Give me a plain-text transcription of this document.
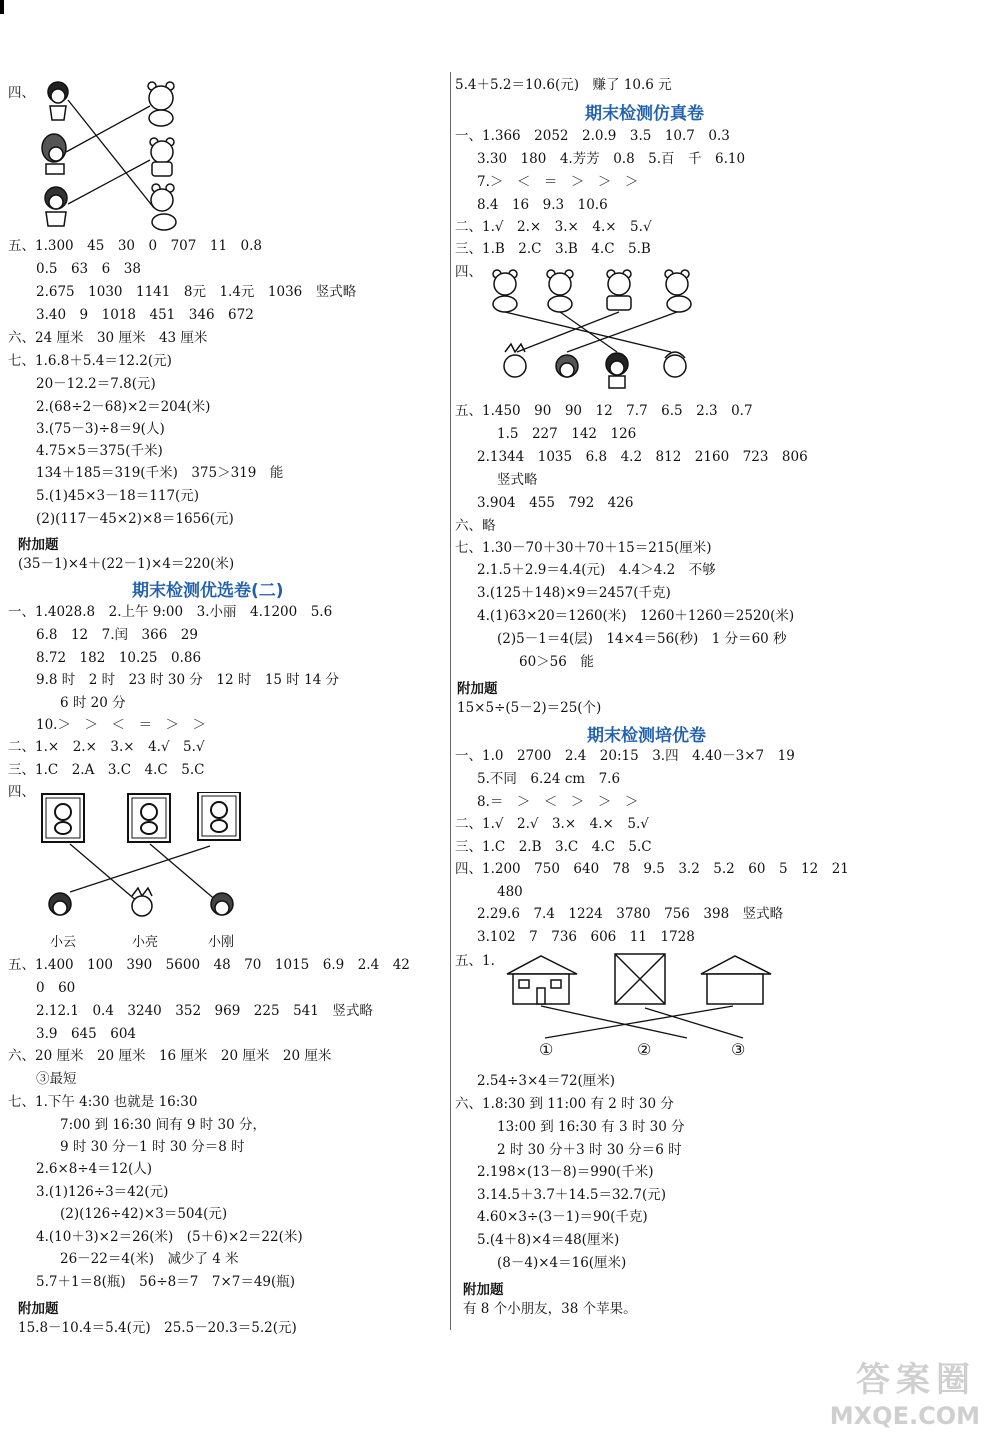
四、
五、1.300　45　30　0　707　11　0.8
0.5　63　6　38
2.675　1030　1141　8元　1.4元　1036　竖式略
3.40　9　1018　451　346　672
六、24 厘米　30 厘米　43 厘米
七、1.6.8＋5.4＝12.2(元)
20－12.2＝7.8(元)
2.(68÷2－68)×2＝204(米)
3.(75－3)÷8＝9(人)
4.75×5＝375(千米)
134＋185＝319(千米)　375＞319　能
5.(1)45×3－18＝117(元)
(2)(117－45×2)×8＝1656(元)
附加题
(35－1)×4＋(22－1)×4＝220(米)
期末检测优选卷(二)
一、1.4028.8　2.上午 9:00　3.小丽　4.1200　5.6
6.8　12　7.闰　366　29
8.72　182　10.25　0.86
9.8 时　2 时　23 时 30 分　12 时　15 时 14 分
6 时 20 分
10.＞　＞　＜　＝　＞　＞
二、1.×　2.×　3.×　4.√　5.√
三、1.C　2.A　3.C　4.C　5.C
四、
小云	小亮	小刚
五、1.400　100　390　5600　48　70　1015　6.9　2.4　42
0　60
2.12.1　0.4　3240　352　969　225　541　竖式略
3.9　645　604
六、20 厘米　20 厘米　16 厘米　20 厘米　20 厘米
③最短
七、1.下午 4:30 也就是 16:30
7:00 到 16:30 间有 9 时 30 分，
9 时 30 分－1 时 30 分＝8 时
2.6×8÷4＝12(人)
3.(1)126÷3＝42(元)
(2)(126÷42)×3＝504(元)
4.(10＋3)×2＝26(米)　(5＋6)×2＝22(米)
26－22＝4(米)　减少了 4 米
5.7＋1＝8(瓶)　56÷8＝7　7×7＝49(瓶)
附加题
15.8－10.4＝5.4(元)　25.5－20.3＝5.2(元)
5.4＋5.2＝10.6(元)　赚了 10.6 元
期末检测仿真卷
一、1.366　2052　2.0.9　3.5　10.7　0.3
3.30　180　4.芳芳　0.8　5.百　千　6.10
7.＞　＜　＝　＞　＞　＞
8.4　16　9.3　10.6
二、1.√　2.×　3.×　4.×　5.√
三、1.B　2.C　3.B　4.C　5.B
四、
五、1.450　90　90　12　7.7　6.5　2.3　0.7
1.5　227　142　126
2.1344　1035　6.8　4.2　812　2160　723　806
竖式略
3.904　455　792　426
六、略
七、1.30－70＋30＋70＋15＝215(厘米)
2.1.5＋2.9＝4.4(元)　4.4＞4.2　不够
3.(125＋148)×9＝2457(千克)
4.(1)63×20＝1260(米)　1260＋1260＝2520(米)
(2)5－1＝4(层)　14×4＝56(秒)　1 分＝60 秒
60＞56　能
附加题
15×5÷(5－2)＝25(个)
期末检测培优卷
一、1.0　2700　2.4　20:15　3.四　4.40－3×7　19
5.不同　6.24 cm　7.6
8.＝　＞　＜　＞　＞　＞
二、1.√　2.√　3.×　4.×　5.√
三、1.C　2.B　3.C　4.C　5.C
四、1.200　750　640　78　9.5　3.2　5.2　60　5　12　21
480
2.29.6　7.4　1224　3780　756　398　竖式略
3.102　7　736　606　11　1728
五、1.
①	②	③
2.54÷3×4＝72(厘米)
六、1.8:30 到 11:00 有 2 时 30 分
13:00 到 16:30 有 3 时 30 分
2 时 30 分＋3 时 30 分＝6 时
2.198×(13－8)＝990(千米)
3.14.5＋3.7＋14.5＝32.7(元)
4.60×3÷(3－1)＝90(千克)
5.(4＋8)×4＝48(厘米)
(8－4)×4＝16(厘米)
附加题
有 8 个小朋友，38 个苹果。
答案圈
MXQE.COM
